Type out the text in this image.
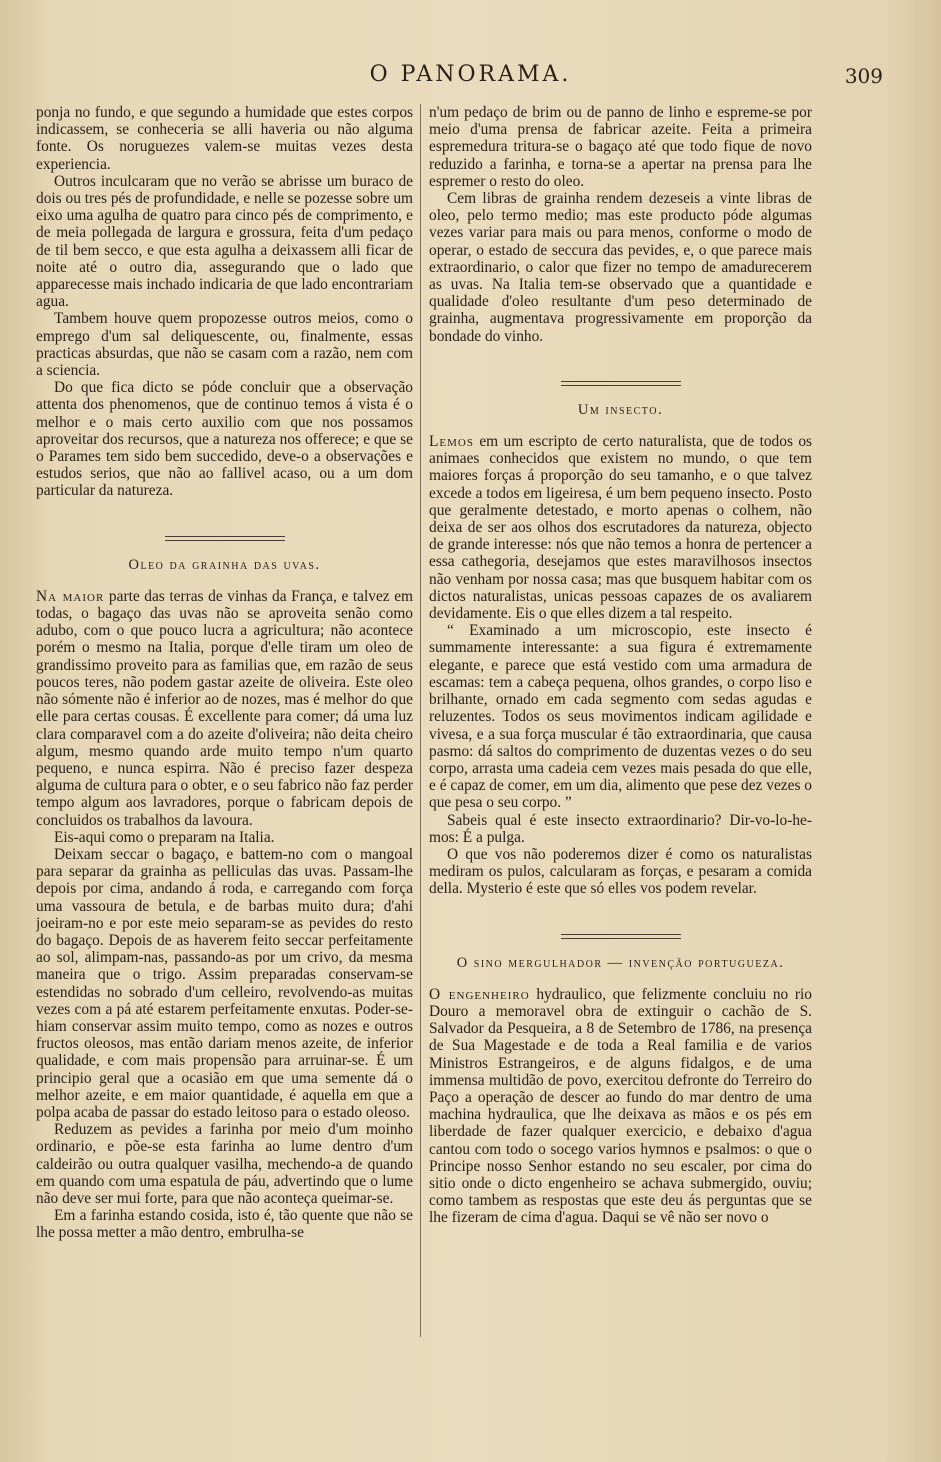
O PANORAMA.	309

ponja no fundo, e que segundo a humidade que estes corpos indicassem, se conheceria se alli haveria ou não alguma fonte. Os noruguezes valem-se muitas vezes desta experiencia.

Outros inculcaram que no verão se abrisse um buraco de dois ou tres pés de profundidade, e nelle se pozesse sobre um eixo uma agulha de quatro para cinco pés de comprimento, e de meia pollegada de largura e grossura, feita d'um pedaço de til bem secco, e que esta agulha a deixassem alli ficar de noite até o outro dia, assegurando que o lado que apparecesse mais inchado indicaria de que lado encontrariam agua.

Tambem houve quem propozesse outros meios, como o emprego d'um sal deliquescente, ou, finalmente, essas practicas absurdas, que não se casam com a razão, nem com a sciencia.

Do que fica dicto se póde concluir que a observação attenta dos phenomenos, que de continuo temos á vista é o melhor e o mais certo auxilio com que nos possamos aproveitar dos recursos, que a natureza nos offerece; e que se o Parames tem sido bem succedido, deve-o a observações e estudos serios, que não ao fallivel acaso, ou a um dom particular da natureza.

Oleo da grainha das uvas.

Na maior parte das terras de vinhas da França, e talvez em todas, o bagaço das uvas não se aproveita senão como adubo, com o que pouco lucra a agricultura; não acontece porém o mesmo na Italia, porque d'elle tiram um oleo de grandissimo proveito para as familias que, em razão de seus poucos teres, não podem gastar azeite de oliveira. Este oleo não sómente não é inferior ao de nozes, mas é melhor do que elle para certas cousas. É excellente para comer; dá uma luz clara comparavel com a do azeite d'oliveira; não deita cheiro algum, mesmo quando arde muito tempo n'um quarto pequeno, e nunca espirra. Não é preciso fazer despeza alguma de cultura para o obter, e o seu fabrico não faz perder tempo algum aos lavradores, porque o fabricam depois de concluidos os trabalhos da lavoura.

Eis-aqui como o preparam na Italia.

Deixam seccar o bagaço, e battem-no com o mangoal para separar da grainha as pelliculas das uvas. Passam-lhe depois por cima, andando á roda, e carregando com força uma vassoura de betula, e de barbas muito dura; d'ahi joeiram-no e por este meio separam-se as pevides do resto do bagaço. Depois de as haverem feito seccar perfeitamente ao sol, alimpam-nas, passando-as por um crivo, da mesma maneira que o trigo. Assim preparadas conservam-se estendidas no sobrado d'um celleiro, revolvendo-as muitas vezes com a pá até estarem perfeitamente enxutas. Poder-se-hiam conservar assim muito tempo, como as nozes e outros fructos oleosos, mas então dariam menos azeite, de inferior qualidade, e com mais propensão para arruinar-se. É um principio geral que a ocasião em que uma semente dá o melhor azeite, e em maior quantidade, é aquella em que a polpa acaba de passar do estado leitoso para o estado oleoso.

Reduzem as pevides a farinha por meio d'um moinho ordinario, e põe-se esta farinha ao lume dentro d'um caldeirão ou outra qualquer vasilha, mechendo-a de quando em quando com uma espatula de páu, advertindo que o lume não deve ser mui forte, para que não aconteça queimar-se.

Em a farinha estando cosida, isto é, tão quente que não se lhe possa metter a mão dentro, embrulha-se

n'um pedaço de brim ou de panno de linho e espreme-se por meio d'uma prensa de fabricar azeite. Feita a primeira espremedura tritura-se o bagaço até que todo fique de novo reduzido a farinha, e torna-se a apertar na prensa para lhe espremer o resto do oleo.

Cem libras de grainha rendem dezeseis a vinte libras de oleo, pelo termo medio; mas este producto póde algumas vezes variar para mais ou para menos, conforme o modo de operar, o estado de seccura das pevides, e, o que parece mais extraordinario, o calor que fizer no tempo de amadurecerem as uvas. Na Italia tem-se observado que a quantidade e qualidade d'oleo resultante d'um peso determinado de grainha, augmentava progressivamente em proporção da bondade do vinho.

Um insecto.

Lemos em um escripto de certo naturalista, que de todos os animaes conhecidos que existem no mundo, o que tem maiores forças á proporção do seu tamanho, e o que talvez excede a todos em ligeiresa, é um bem pequeno insecto. Posto que geralmente detestado, e morto apenas o colhem, não deixa de ser aos olhos dos escrutadores da natureza, objecto de grande interesse: nós que não temos a honra de pertencer a essa cathegoria, desejamos que estes maravilhosos insectos não venham por nossa casa; mas que busquem habitar com os dictos naturalistas, unicas pessoas capazes de os avaliarem devidamente. Eis o que elles dizem a tal respeito.

“ Examinado a um microscopio, este insecto é summamente interessante: a sua figura é extremamente elegante, e parece que está vestido com uma armadura de escamas: tem a cabeça pequena, olhos grandes, o corpo liso e brilhante, ornado em cada segmento com sedas agudas e reluzentes. Todos os seus movimentos indicam agilidade e vivesa, e a sua força muscular é tão extraordinaria, que causa pasmo: dá saltos do comprimento de duzentas vezes o do seu corpo, arrasta uma cadeia cem vezes mais pesada do que elle, e é capaz de comer, em um dia, alimento que pese dez vezes o que pesa o seu corpo. ”

Sabeis qual é este insecto extraordinario? Dir-vo-lo-he-mos: É a pulga.

O que vos não poderemos dizer é como os naturalistas mediram os pulos, calcularam as forças, e pesaram a comida della. Mysterio é este que só elles vos podem revelar.

O sino mergulhador — invenção portugueza.

O engenheiro hydraulico, que felizmente concluiu no rio Douro a memoravel obra de extinguir o cachão de S. Salvador da Pesqueira, a 8 de Setembro de 1786, na presença de Sua Magestade e de toda a Real familia e de varios Ministros Estrangeiros, e de alguns fidalgos, e de uma immensa multidão de povo, exercitou defronte do Terreiro do Paço a operação de descer ao fundo do mar dentro de uma machina hydraulica, que lhe deixava as mãos e os pés em liberdade de fazer qualquer exercicio, e debaixo d'agua cantou com todo o socego varios hymnos e psalmos: o que o Principe nosso Senhor estando no seu escaler, por cima do sitio onde o dicto engenheiro se achava submergido, ouviu; como tambem as respostas que este deu ás perguntas que se lhe fizeram de cima d'agua. Daqui se vê não ser novo o
